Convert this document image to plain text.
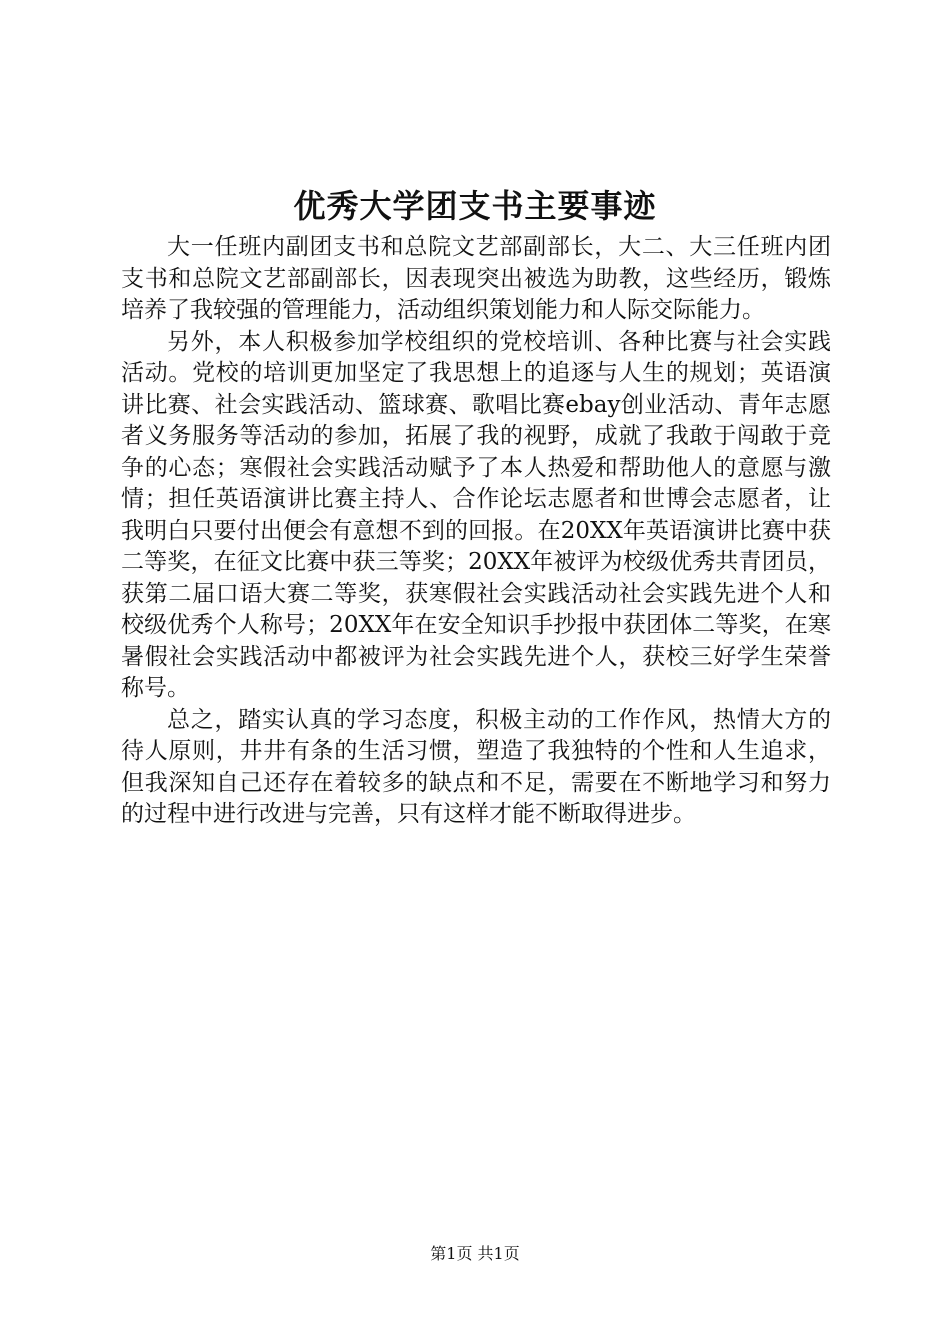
优秀大学团支书主要事迹

大一任班内副团支书和总院文艺部副部长，大二、大三任班内团支书和总院文艺部副部长，因表现突出被选为助教，这些经历，锻炼培养了我较强的管理能力，活动组织策划能力和人际交际能力。

另外，本人积极参加学校组织的党校培训、各种比赛与社会实践活动。党校的培训更加坚定了我思想上的追逐与人生的规划；英语演讲比赛、社会实践活动、篮球赛、歌唱比赛ebay创业活动、青年志愿者义务服务等活动的参加，拓展了我的视野，成就了我敢于闯敢于竞争的心态；寒假社会实践活动赋予了本人热爱和帮助他人的意愿与激情；担任英语演讲比赛主持人、合作论坛志愿者和世博会志愿者，让我明白只要付出便会有意想不到的回报。在20XX年英语演讲比赛中获二等奖，在征文比赛中获三等奖；20XX年被评为校级优秀共青团员，获第二届口语大赛二等奖，获寒假社会实践活动社会实践先进个人和校级优秀个人称号；20XX年在安全知识手抄报中获团体二等奖，在寒暑假社会实践活动中都被评为社会实践先进个人，获校三好学生荣誉称号。

总之，踏实认真的学习态度，积极主动的工作作风，热情大方的待人原则，井井有条的生活习惯，塑造了我独特的个性和人生追求，但我深知自己还存在着较多的缺点和不足，需要在不断地学习和努力的过程中进行改进与完善，只有这样才能不断取得进步。

第1页 共1页
